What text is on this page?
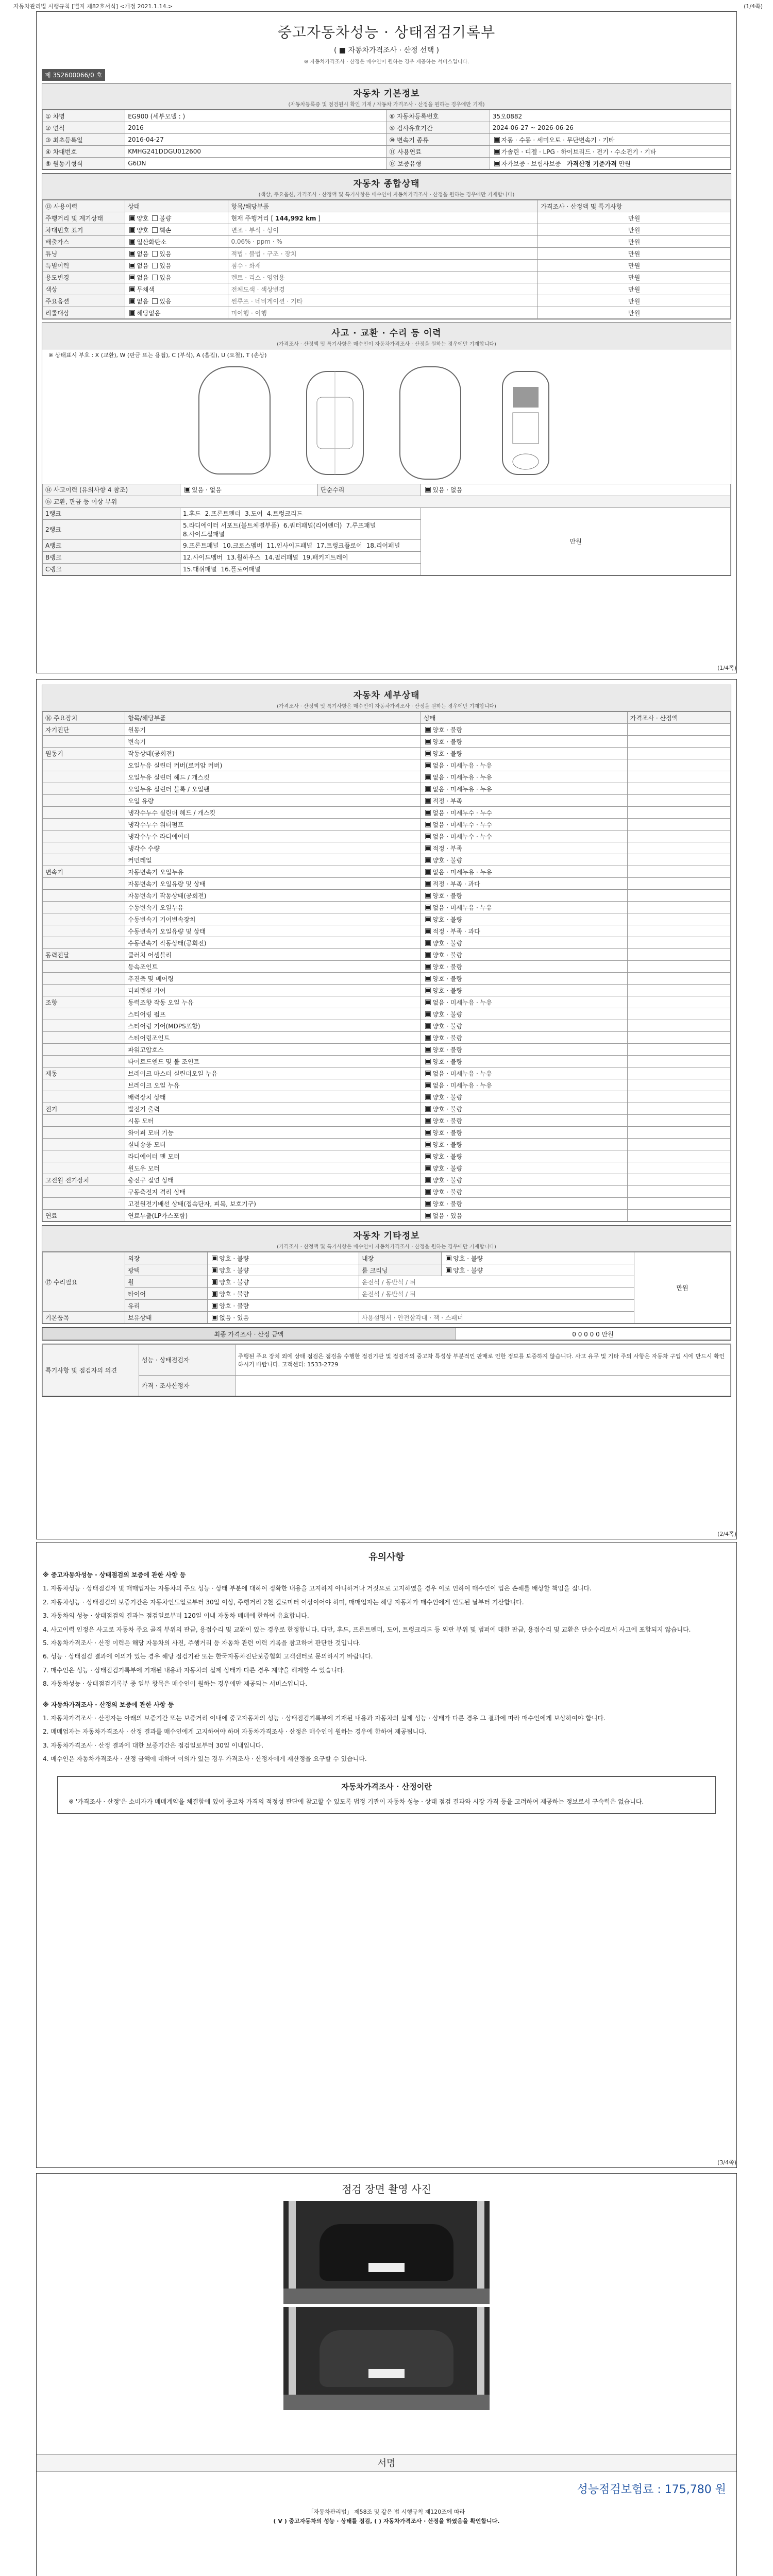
자동차관리법 시행규칙 [별지 제82호서식] <개정 2021.1.14.>	(1/4쪽)
중고자동차성능 · 상태점검기록부
( ■ 자동차가격조사 · 산정 선택 )
※ 자동차가격조사 · 산정은 매수인이 원하는 경우 제공하는 서비스입니다.
제 352600066/0 호
자동차 기본정보
(자동차등록증 및 점검원시 확인 기재 / 자동차 가격조사 · 산정을 원하는 경우에만 기재)
① 차명	EG900 (세부모델 : )	⑧ 자동차등록번호	35오0882
② 연식	2016	⑨ 검사유효기간	2024-06-27 ~ 2026-06-26
③ 최초등록일	2016-04-27	⑩ 변속기 종류	자동 · 수동 · 세미오토 · 무단변속기 · 기타
④ 차대번호	KMHG241DDGU012600	⑪ 사용연료	가솔린 · 디젤 · LPG · 하이브리드 · 전기 · 수소전기 · 기타
⑤ 원동기형식	G6DN	⑫ 보증유형	자가보증 · 보험사보증 가격산정 기준가격 만원
자동차 종합상태
(색상, 주요옵션, 가격조사 · 산정액 및 특기사항은 매수인이 자동차가격조사 · 산정을 원하는 경우에만 기재합니다)
⑬ 사용이력	상태	항목/해당부품	가격조사 · 산정액 및 특기사항
주행거리 및 계기상태	양호 불량	현재 주행거리 [ 144,992 km ]	만원
차대번호 표기	양호 훼손	변조 · 부식 · 상이	만원
배출가스	일산화탄소	0.06% · ppm · %	만원
튜닝	없음 있음	적법 · 불법 · 구조 · 장치	만원
특별이력	없음 있음	침수 · 화재	만원
용도변경	없음 있음	렌트 · 리스 · 영업용	만원
색상	무채색	전체도색 · 색상변경	만원
주요옵션	없음 있음	썬루프 · 네비게이션 · 기타	만원
리콜대상	해당없음	미이행 · 이행	만원
사고 · 교환 · 수리 등 이력
(가격조사 · 산정액 및 특기사항은 매수인이 자동차가격조사 · 산정을 원하는 경우에만 기재합니다)
※ 상태표시 부호 : X (교환), W (판금 또는 용접), C (부식), A (흠집), U (요철), T (손상)
⑭ 사고이력 (유의사항 4 참조)	있음 · 없음	단순수리	있음 · 없음
⑮ 교환, 판금 등 이상 부위			
1랭크	1.후드 2.프론트펜더 3.도어 4.트렁크리드		만원
2랭크	5.라디에이터 서포트(볼트체결부품) 6.쿼터패널(리어펜더) 7.루프패널8.사이드실패널		
A랭크	9.프론트패널 10.크로스멤버 11.인사이드패널 17.트렁크플로어 18.리어패널		
B랭크	12.사이드멤버 13.휠하우스 14.필러패널 19.패키지트레이		
C랭크	15.대쉬패널 16.플로어패널		
(1/4쪽)
자동차 세부상태
(가격조사 · 산정액 및 특기사항은 매수인이 자동차가격조사 · 산정을 원하는 경우에만 기재합니다)
⑯ 주요장치	항목/해당부품	상태	가격조사 · 산정액
자기진단	원동기	양호 · 불량	
	변속기	양호 · 불량	
원동기	작동상태(공회전)	양호 · 불량	
	오일누유 실린더 커버(로커암 커버)	없음 · 미세누유 · 누유	
	오일누유 실린더 헤드 / 개스킷	없음 · 미세누유 · 누유	
	오일누유 실린더 블록 / 오일팬	없음 · 미세누유 · 누유	
	오일 유량	적정 · 부족	
	냉각수누수 실린더 헤드 / 개스킷	없음 · 미세누수 · 누수	
	냉각수누수 워터펌프	없음 · 미세누수 · 누수	
	냉각수누수 라디에이터	없음 · 미세누수 · 누수	
	냉각수 수량	적정 · 부족	
	커먼레일	양호 · 불량	
변속기	자동변속기 오일누유	없음 · 미세누유 · 누유	
	자동변속기 오일유량 및 상태	적정 · 부족 · 과다	
	자동변속기 작동상태(공회전)	양호 · 불량	
	수동변속기 오일누유	없음 · 미세누유 · 누유	
	수동변속기 기어변속장치	양호 · 불량	
	수동변속기 오일유량 및 상태	적정 · 부족 · 과다	
	수동변속기 작동상태(공회전)	양호 · 불량	
동력전달	클러치 어셈블리	양호 · 불량	
	등속조인트	양호 · 불량	
	추진축 및 베어링	양호 · 불량	
	디퍼렌셜 기어	양호 · 불량	
조향	동력조향 작동 오일 누유	없음 · 미세누유 · 누유	
	스티어링 펌프	양호 · 불량	
	스티어링 기어(MDPS포함)	양호 · 불량	
	스티어링조인트	양호 · 불량	
	파워고압호스	양호 · 불량	
	타이로드엔드 및 볼 조인트	양호 · 불량	
제동	브레이크 마스터 실린더오일 누유	없음 · 미세누유 · 누유	
	브레이크 오일 누유	없음 · 미세누유 · 누유	
	배력장치 상태	양호 · 불량	
전기	발전기 출력	양호 · 불량	
	시동 모터	양호 · 불량	
	와이퍼 모터 기능	양호 · 불량	
	실내송풍 모터	양호 · 불량	
	라디에이터 팬 모터	양호 · 불량	
	윈도우 모터	양호 · 불량	
고전원 전기장치	충전구 절연 상태	양호 · 불량	
	구동축전지 격리 상태	양호 · 불량	
	고전원전기배선 상태(접속단자, 피복, 보호기구)	양호 · 불량	
연료	연료누출(LP가스포함)	없음 · 있음	
자동차 기타정보
(가격조사 · 산정액 및 특기사항은 매수인이 자동차가격조사 · 산정을 원하는 경우에만 기재합니다)
⑰ 수리필요	외장	양호 · 불량	내장	양호 · 불량	만원
	광택	양호 · 불량	룸 크리닝	양호 · 불량	
	휠	양호 · 불량	운전석 / 동반석 / 뒤		
	타이어	양호 · 불량	운전석 / 동반석 / 뒤		
	유리	양호 · 불량			
기본품목	보유상태	없음 · 있음	사용설명서 · 안전삼각대 · 잭 · 스패너		
최종 가격조사 · 산정 금액	0 0 0 0 0 만원
특기사항 및 점검자의 의견	성능 · 상태점검자	주행된 주요 장치 외에 상태 점검은 점검을 수행한 점검기관 및 점검자의 중고차 특성상 부분적인 판매로 인한 정보를 보증하지 않습니다. 사고 유무 및 기타 주의 사항은 자동차 구입 시에 반드시 확인 하시기 바랍니다. 고객센터: 1533-2729
	가격 · 조사산정자	
(2/4쪽)
유의사항
※ 중고자동차성능 · 상태점검의 보증에 관한 사항 등
1. 자동차성능 · 상태점검자 및 매매업자는 자동차의 주요 성능 · 상태 부분에 대하여 정확한 내용을 고지하지 아니하거나 거짓으로 고지하였을 경우 이로 인하여 매수인이 입은 손해를 배상할 책임을 집니다.
2. 자동차성능 · 상태점검의 보증기간은 자동차인도일로부터 30일 이상, 주행거리 2천 킬로미터 이상이어야 하며, 매매업자는 해당 자동차가 매수인에게 인도된 날부터 기산합니다.
3. 자동차의 성능 · 상태점검의 결과는 점검일로부터 120일 이내 자동차 매매에 한하여 유효합니다.
4. 사고이력 인정은 사고로 자동차 주요 골격 부위의 판금, 용접수리 및 교환이 있는 경우로 한정합니다. 다만, 후드, 프론트펜더, 도어, 트렁크리드 등 외판 부위 및 범퍼에 대한 판금, 용접수리 및 교환은 단순수리로서 사고에 포함되지 않습니다.
5. 자동차가격조사 · 산정 이력은 해당 자동차의 사진, 주행거리 등 자동차 관련 이력 기록을 참고하여 판단한 것입니다.
6. 성능 · 상태점검 결과에 이의가 있는 경우 해당 점검기관 또는 한국자동차진단보증협회 고객센터로 문의하시기 바랍니다.
7. 매수인은 성능 · 상태점검기록부에 기재된 내용과 자동차의 실제 상태가 다른 경우 계약을 해제할 수 있습니다.
8. 자동차성능 · 상태점검기록부 중 일부 항목은 매수인이 원하는 경우에만 제공되는 서비스입니다.
※ 자동차가격조사 · 산정의 보증에 관한 사항 등
1. 자동차가격조사 · 산정자는 아래의 보증기간 또는 보증거리 이내에 중고자동차의 성능 · 상태점검기록부에 기재된 내용과 자동차의 실제 성능 · 상태가 다른 경우 그 결과에 따라 매수인에게 보상하여야 합니다.
2. 매매업자는 자동차가격조사 · 산정 결과를 매수인에게 고지하여야 하며 자동차가격조사 · 산정은 매수인이 원하는 경우에 한하여 제공됩니다.
3. 자동차가격조사 · 산정 결과에 대한 보증기간은 점검일로부터 30일 이내입니다.
4. 매수인은 자동차가격조사 · 산정 금액에 대하여 이의가 있는 경우 가격조사 · 산정자에게 재산정을 요구할 수 있습니다.
자동차가격조사 · 산정이란
※ '가격조사 · 산정'은 소비자가 매매계약을 체결함에 있어 중고차 가격의 적정성 판단에 참고할 수 있도록 법정 기관이 자동차 성능 · 상태 점검 결과와 시장 가격 등을 고려하여 제공하는 정보로서 구속력은 없습니다.
(3/4쪽)
점검 장면 촬영 사진
서명
성능점검보험료 : 175,780 원
「자동차관리법」 제58조 및 같은 법 시행규칙 제120조에 따라
( V ) 중고자동차의 성능 · 상태를 점검, ( ) 자동차가격조사 · 산정을 하였음을 확인합니다.
